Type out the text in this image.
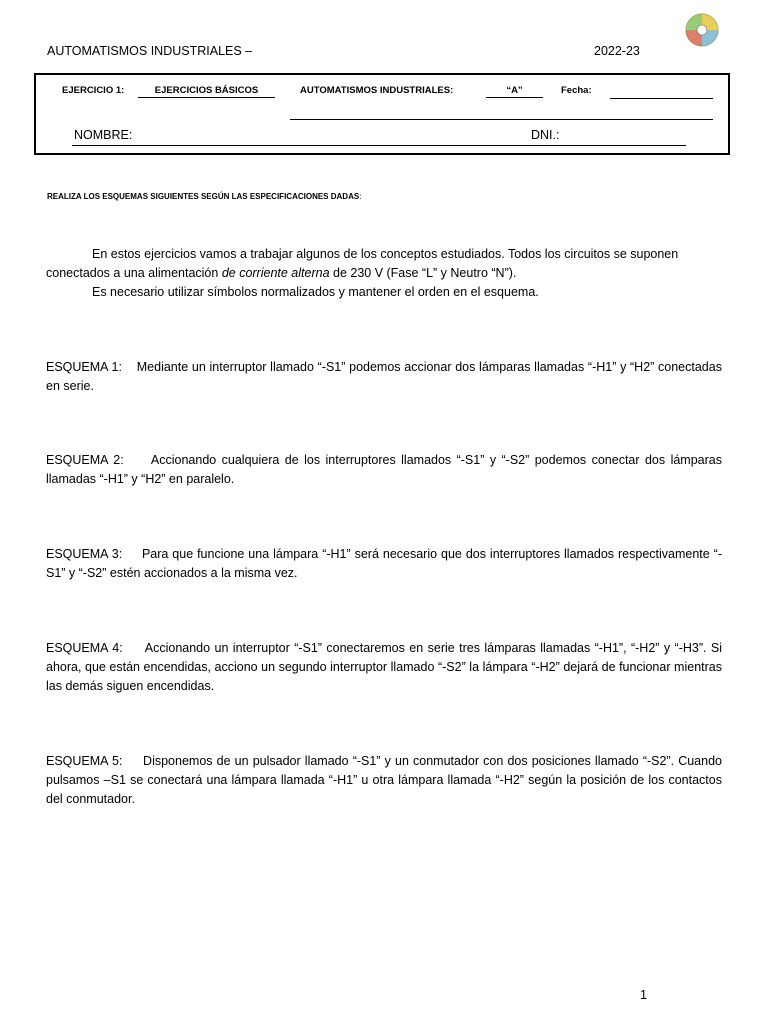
AUTOMATISMOS INDUSTRIALES –	2022-23
EJERCICIO 1:	EJERCICIOS BÁSICOS	AUTOMATISMOS INDUSTRIALES:	“A”	Fecha:
NOMBRE:	DNI.:
REALIZA LOS ESQUEMAS SIGUIENTES SEGÚN LAS ESPECIFICACIONES DADAS:
En estos ejercicios vamos a trabajar algunos de los conceptos estudiados. Todos los circuitos se suponen conectados a una alimentación de corriente alterna de 230 V (Fase “L” y Neutro “N”).
Es necesario utilizar símbolos normalizados y mantener el orden en el esquema.
ESQUEMA 1: Mediante un interruptor llamado “-S1” podemos accionar dos lámparas llamadas “-H1” y “H2” conectadas en serie.
ESQUEMA 2: Accionando cualquiera de los interruptores llamados “-S1” y “-S2” podemos conectar dos lámparas llamadas “-H1” y “H2” en paralelo.
ESQUEMA 3: Para que funcione una lámpara “-H1” será necesario que dos interruptores llamados respectivamente “-S1” y “-S2” estén accionados a la misma vez.
ESQUEMA 4: Accionando un interruptor “-S1” conectaremos en serie tres lámparas llamadas “-H1”, “-H2” y “-H3”. Si ahora, que están encendidas, acciono un segundo interruptor llamado “-S2” la lámpara “-H2” dejará de funcionar mientras las demás siguen encendidas.
ESQUEMA 5: Disponemos de un pulsador llamado “-S1” y un conmutador con dos posiciones llamado “-S2”. Cuando pulsamos –S1 se conectará una lámpara llamada “-H1” u otra lámpara llamada “-H2” según la posición de los contactos del conmutador.
1
